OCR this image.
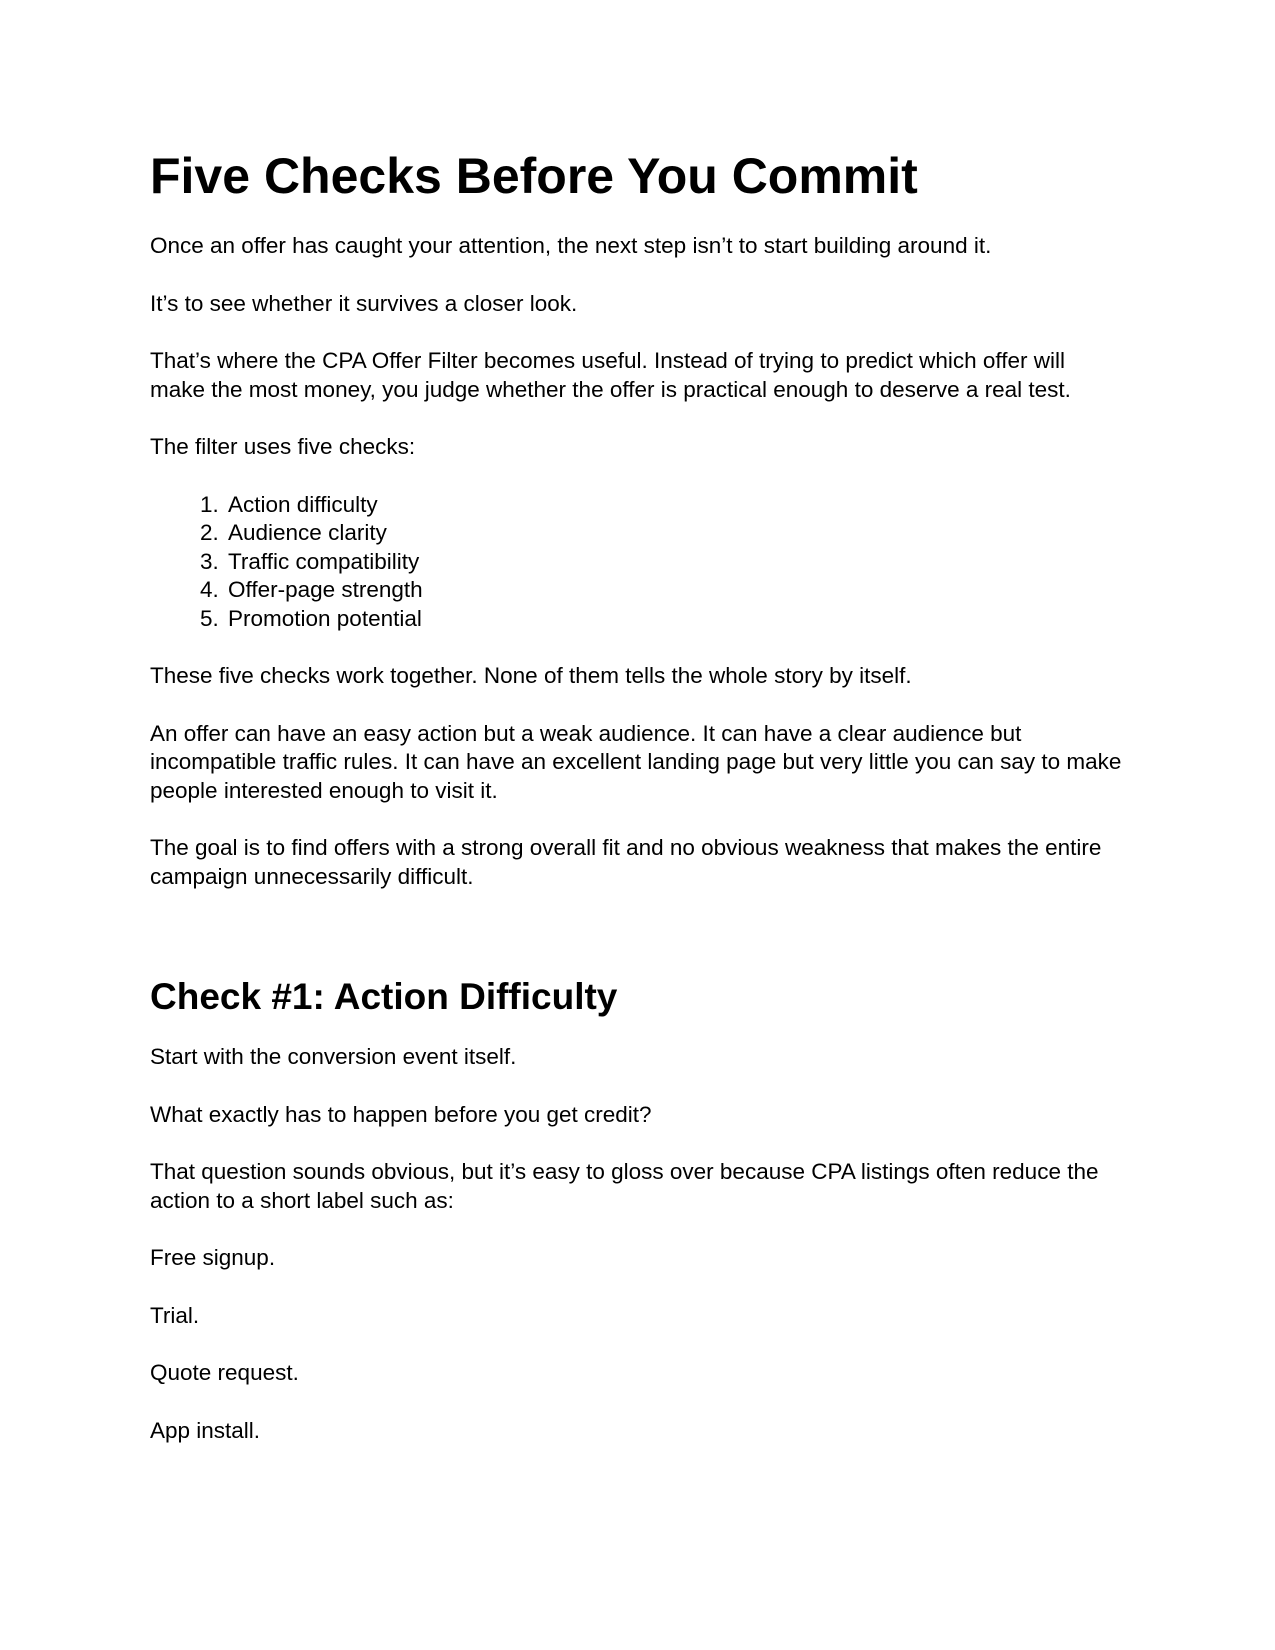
Five Checks Before You Commit

Once an offer has caught your attention, the next step isn’t to start building around it.

It’s to see whether it survives a closer look.

That’s where the CPA Offer Filter becomes useful. Instead of trying to predict which offer will make the most money, you judge whether the offer is practical enough to deserve a real test.

The filter uses five checks:

1. Action difficulty
2. Audience clarity
3. Traffic compatibility
4. Offer-page strength
5. Promotion potential

These five checks work together. None of them tells the whole story by itself.

An offer can have an easy action but a weak audience. It can have a clear audience but incompatible traffic rules. It can have an excellent landing page but very little you can say to make people interested enough to visit it.

The goal is to find offers with a strong overall fit and no obvious weakness that makes the entire campaign unnecessarily difficult.

Check #1: Action Difficulty

Start with the conversion event itself.

What exactly has to happen before you get credit?

That question sounds obvious, but it’s easy to gloss over because CPA listings often reduce the action to a short label such as:

Free signup.

Trial.

Quote request.

App install.
